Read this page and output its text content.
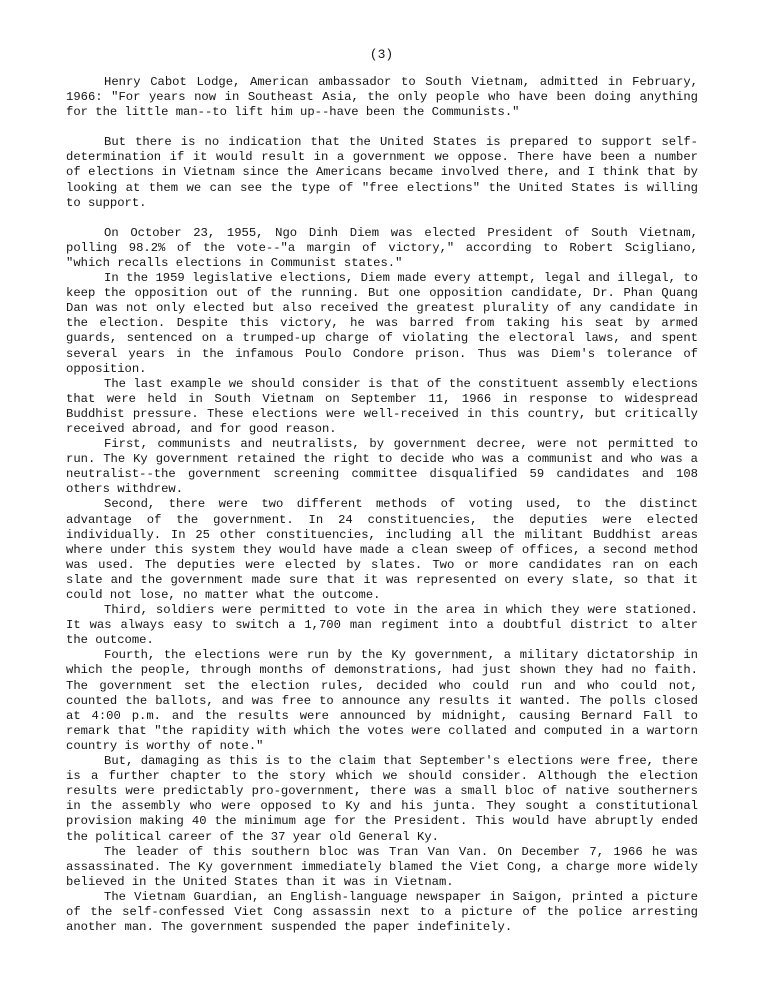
(3)

Henry Cabot Lodge, American ambassador to South Vietnam, admitted in February, 1966: "For years now in Southeast Asia, the only people who have been doing anything for the little man--to lift him up--have been the Communists."

But there is no indication that the United States is prepared to support self-determination if it would result in a government we oppose. There have been a number of elections in Vietnam since the Americans became involved there, and I think that by looking at them we can see the type of "free elections" the United States is willing to support.

On October 23, 1955, Ngo Dinh Diem was elected President of South Vietnam, polling 98.2% of the vote--"a margin of victory," according to Robert Scigliano, "which recalls elections in Communist states."

In the 1959 legislative elections, Diem made every attempt, legal and illegal, to keep the opposition out of the running. But one opposition candidate, Dr. Phan Quang Dan was not only elected but also received the greatest plurality of any candidate in the election. Despite this victory, he was barred from taking his seat by armed guards, sentenced on a trumped-up charge of violating the electoral laws, and spent several years in the infamous Poulo Condore prison. Thus was Diem's tolerance of opposition.

The last example we should consider is that of the constituent assembly elections that were held in South Vietnam on September 11, 1966 in response to widespread Buddhist pressure. These elections were well-received in this country, but critically received abroad, and for good reason.

First, communists and neutralists, by government decree, were not permitted to run. The Ky government retained the right to decide who was a communist and who was a neutralist--the government screening committee disqualified 59 candidates and 108 others withdrew.

Second, there were two different methods of voting used, to the distinct advantage of the government. In 24 constituencies, the deputies were elected individually. In 25 other constituencies, including all the militant Buddhist areas where under this system they would have made a clean sweep of offices, a second method was used. The deputies were elected by slates. Two or more candidates ran on each slate and the government made sure that it was represented on every slate, so that it could not lose, no matter what the outcome.

Third, soldiers were permitted to vote in the area in which they were stationed. It was always easy to switch a 1,700 man regiment into a doubtful district to alter the outcome.

Fourth, the elections were run by the Ky government, a military dictatorship in which the people, through months of demonstrations, had just shown they had no faith. The government set the election rules, decided who could run and who could not, counted the ballots, and was free to announce any results it wanted. The polls closed at 4:00 p.m. and the results were announced by midnight, causing Bernard Fall to remark that "the rapidity with which the votes were collated and computed in a wartorn country is worthy of note."

But, damaging as this is to the claim that September's elections were free, there is a further chapter to the story which we should consider. Although the election results were predictably pro-government, there was a small bloc of native southerners in the assembly who were opposed to Ky and his junta. They sought a constitutional provision making 40 the minimum age for the President. This would have abruptly ended the political career of the 37 year old General Ky.

The leader of this southern bloc was Tran Van Van. On December 7, 1966 he was assassinated. The Ky government immediately blamed the Viet Cong, a charge more widely believed in the United States than it was in Vietnam.

The Vietnam Guardian, an English-language newspaper in Saigon, printed a picture of the self-confessed Viet Cong assassin next to a picture of the police arresting another man. The government suspended the paper indefinitely.
